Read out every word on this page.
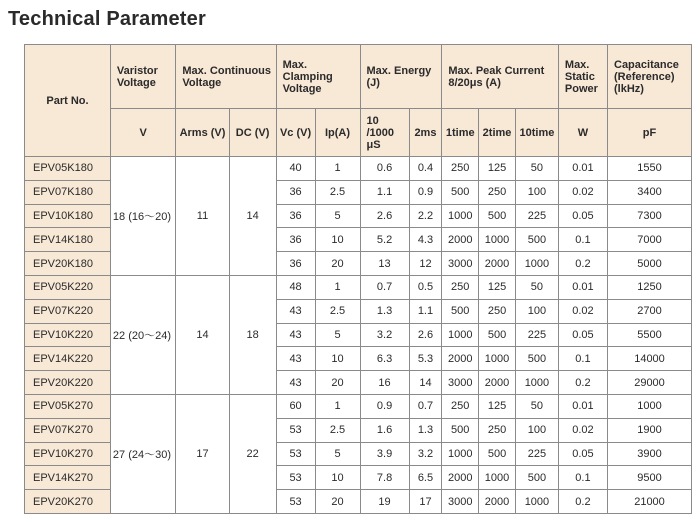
Technical Parameter
Part No.	Varistor Voltage	Max. Continuous Voltage		Max. Clamping Voltage		Max. Energy (J)		Max. Peak Current 8/20μs (A)			Max. Static Power	Capacitance (Reference) (lkHz)
	V	Arms (V)	DC (V)	Vc (V)	Ip(A)	10 /1000 μS	2ms	1time	2time	10time	W	pF
EPV05K180	18 (16～20)	11	14	40	1	0.6	0.4	250	125	50	0.01	1550
EPV07K180				36	2.5	1.1	0.9	500	250	100	0.02	3400
EPV10K180				36	5	2.6	2.2	1000	500	225	0.05	7300
EPV14K180				36	10	5.2	4.3	2000	1000	500	0.1	7000
EPV20K180				36	20	13	12	3000	2000	1000	0.2	5000
EPV05K220	22 (20～24)	14	18	48	1	0.7	0.5	250	125	50	0.01	1250
EPV07K220				43	2.5	1.3	1.1	500	250	100	0.02	2700
EPV10K220				43	5	3.2	2.6	1000	500	225	0.05	5500
EPV14K220				43	10	6.3	5.3	2000	1000	500	0.1	14000
EPV20K220				43	20	16	14	3000	2000	1000	0.2	29000
EPV05K270	27 (24～30)	17	22	60	1	0.9	0.7	250	125	50	0.01	1000
EPV07K270				53	2.5	1.6	1.3	500	250	100	0.02	1900
EPV10K270				53	5	3.9	3.2	1000	500	225	0.05	3900
EPV14K270				53	10	7.8	6.5	2000	1000	500	0.1	9500
EPV20K270				53	20	19	17	3000	2000	1000	0.2	21000
